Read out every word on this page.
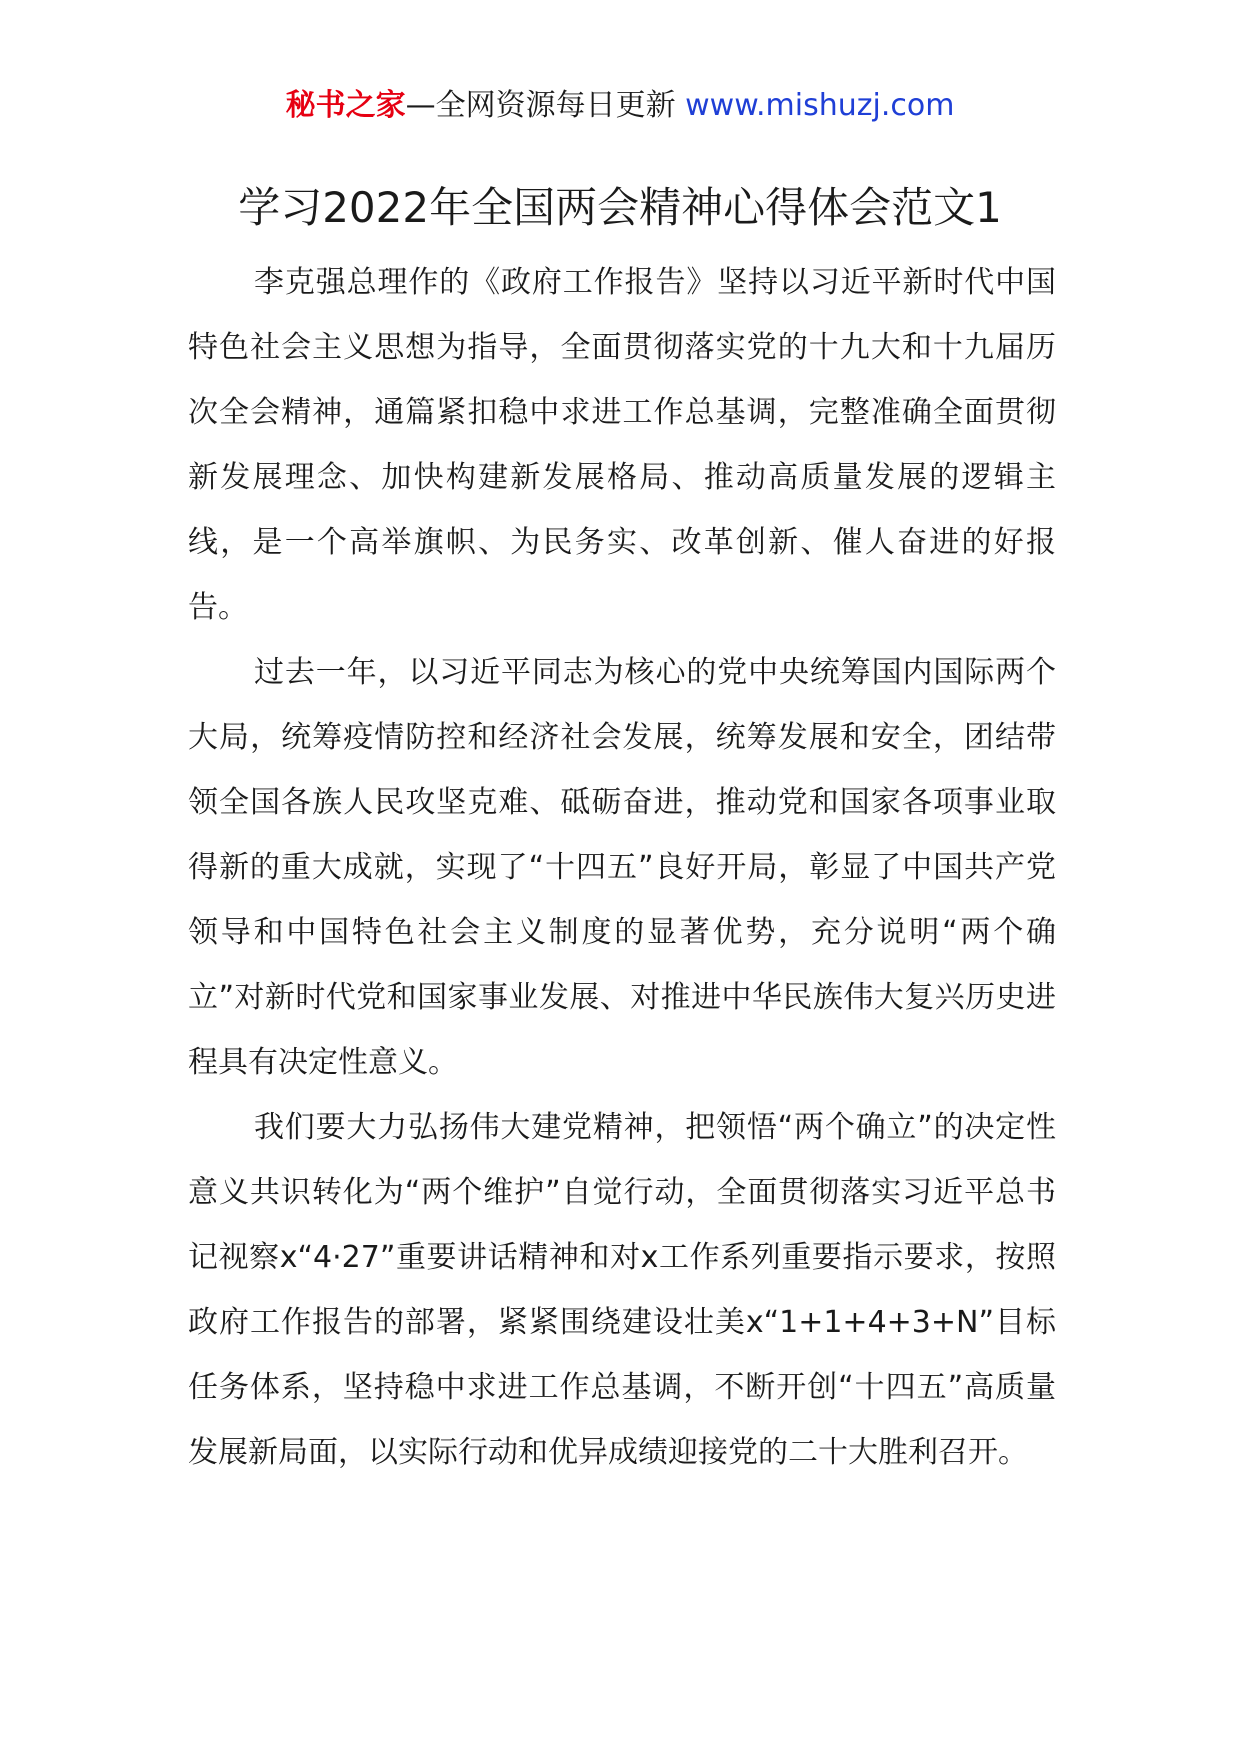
秘书之家—全网资源每日更新 www.mishuzj.com
学习2022年全国两会精神心得体会范文1

李克强总理作的《政府工作报告》坚持以习近平新时代中国特色社会主义思想为指导，全面贯彻落实党的十九大和十九届历次全会精神，通篇紧扣稳中求进工作总基调，完整准确全面贯彻新发展理念、加快构建新发展格局、推动高质量发展的逻辑主线，是一个高举旗帜、为民务实、改革创新、催人奋进的好报告。

过去一年，以习近平同志为核心的党中央统筹国内国际两个大局，统筹疫情防控和经济社会发展，统筹发展和安全，团结带领全国各族人民攻坚克难、砥砺奋进，推动党和国家各项事业取得新的重大成就，实现了“十四五”良好开局，彰显了中国共产党领导和中国特色社会主义制度的显著优势，充分说明“两个确立”对新时代党和国家事业发展、对推进中华民族伟大复兴历史进程具有决定性意义。

我们要大力弘扬伟大建党精神，把领悟“两个确立”的决定性意义共识转化为“两个维护”自觉行动，全面贯彻落实习近平总书记视察x“4·27”重要讲话精神和对x工作系列重要指示要求，按照政府工作报告的部署，紧紧围绕建设壮美x“1+1+4+3+N”目标任务体系，坚持稳中求进工作总基调，不断开创“十四五”高质量发展新局面，以实际行动和优异成绩迎接党的二十大胜利召开。
